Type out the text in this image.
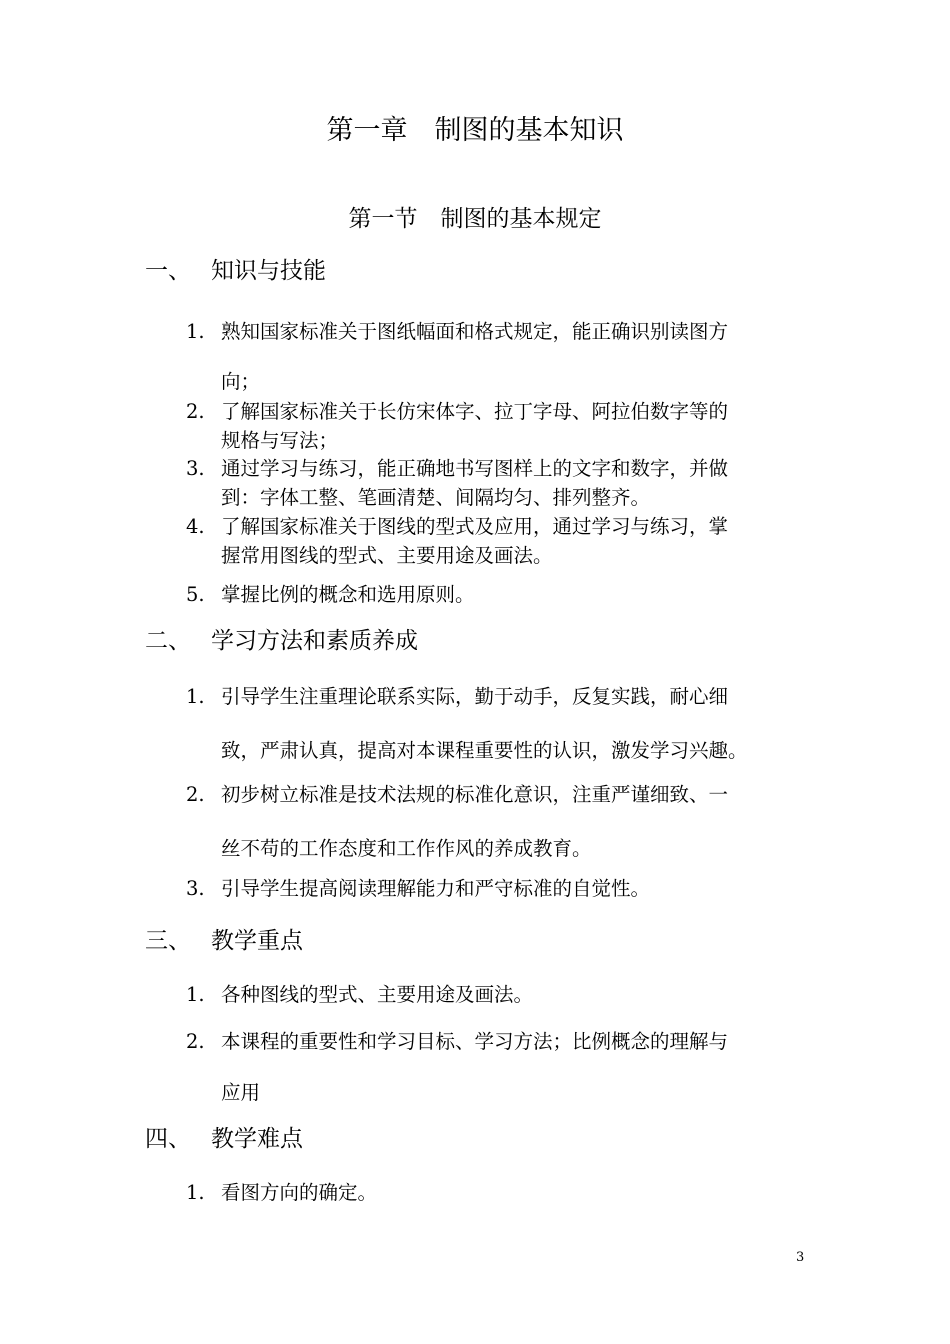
第一章　制图的基本知识
第一节　制图的基本规定
一、 知识与技能
1. 熟知国家标准关于图纸幅面和格式规定，能正确识别读图方
向；
2. 了解国家标准关于长仿宋体字、拉丁字母、阿拉伯数字等的
规格与写法；
3. 通过学习与练习，能正确地书写图样上的文字和数字，并做
到：字体工整、笔画清楚、间隔均匀、排列整齐。
4. 了解国家标准关于图线的型式及应用，通过学习与练习，掌
握常用图线的型式、主要用途及画法。
5. 掌握比例的概念和选用原则。
二、 学习方法和素质养成
1. 引导学生注重理论联系实际，勤于动手，反复实践，耐心细
致，严肃认真，提高对本课程重要性的认识，激发学习兴趣。
2. 初步树立标准是技术法规的标准化意识，注重严谨细致、一
丝不苟的工作态度和工作作风的养成教育。
3. 引导学生提高阅读理解能力和严守标准的自觉性。
三、 教学重点
1. 各种图线的型式、主要用途及画法。
2. 本课程的重要性和学习目标、学习方法；比例概念的理解与
应用
四、 教学难点
1. 看图方向的确定。
3
